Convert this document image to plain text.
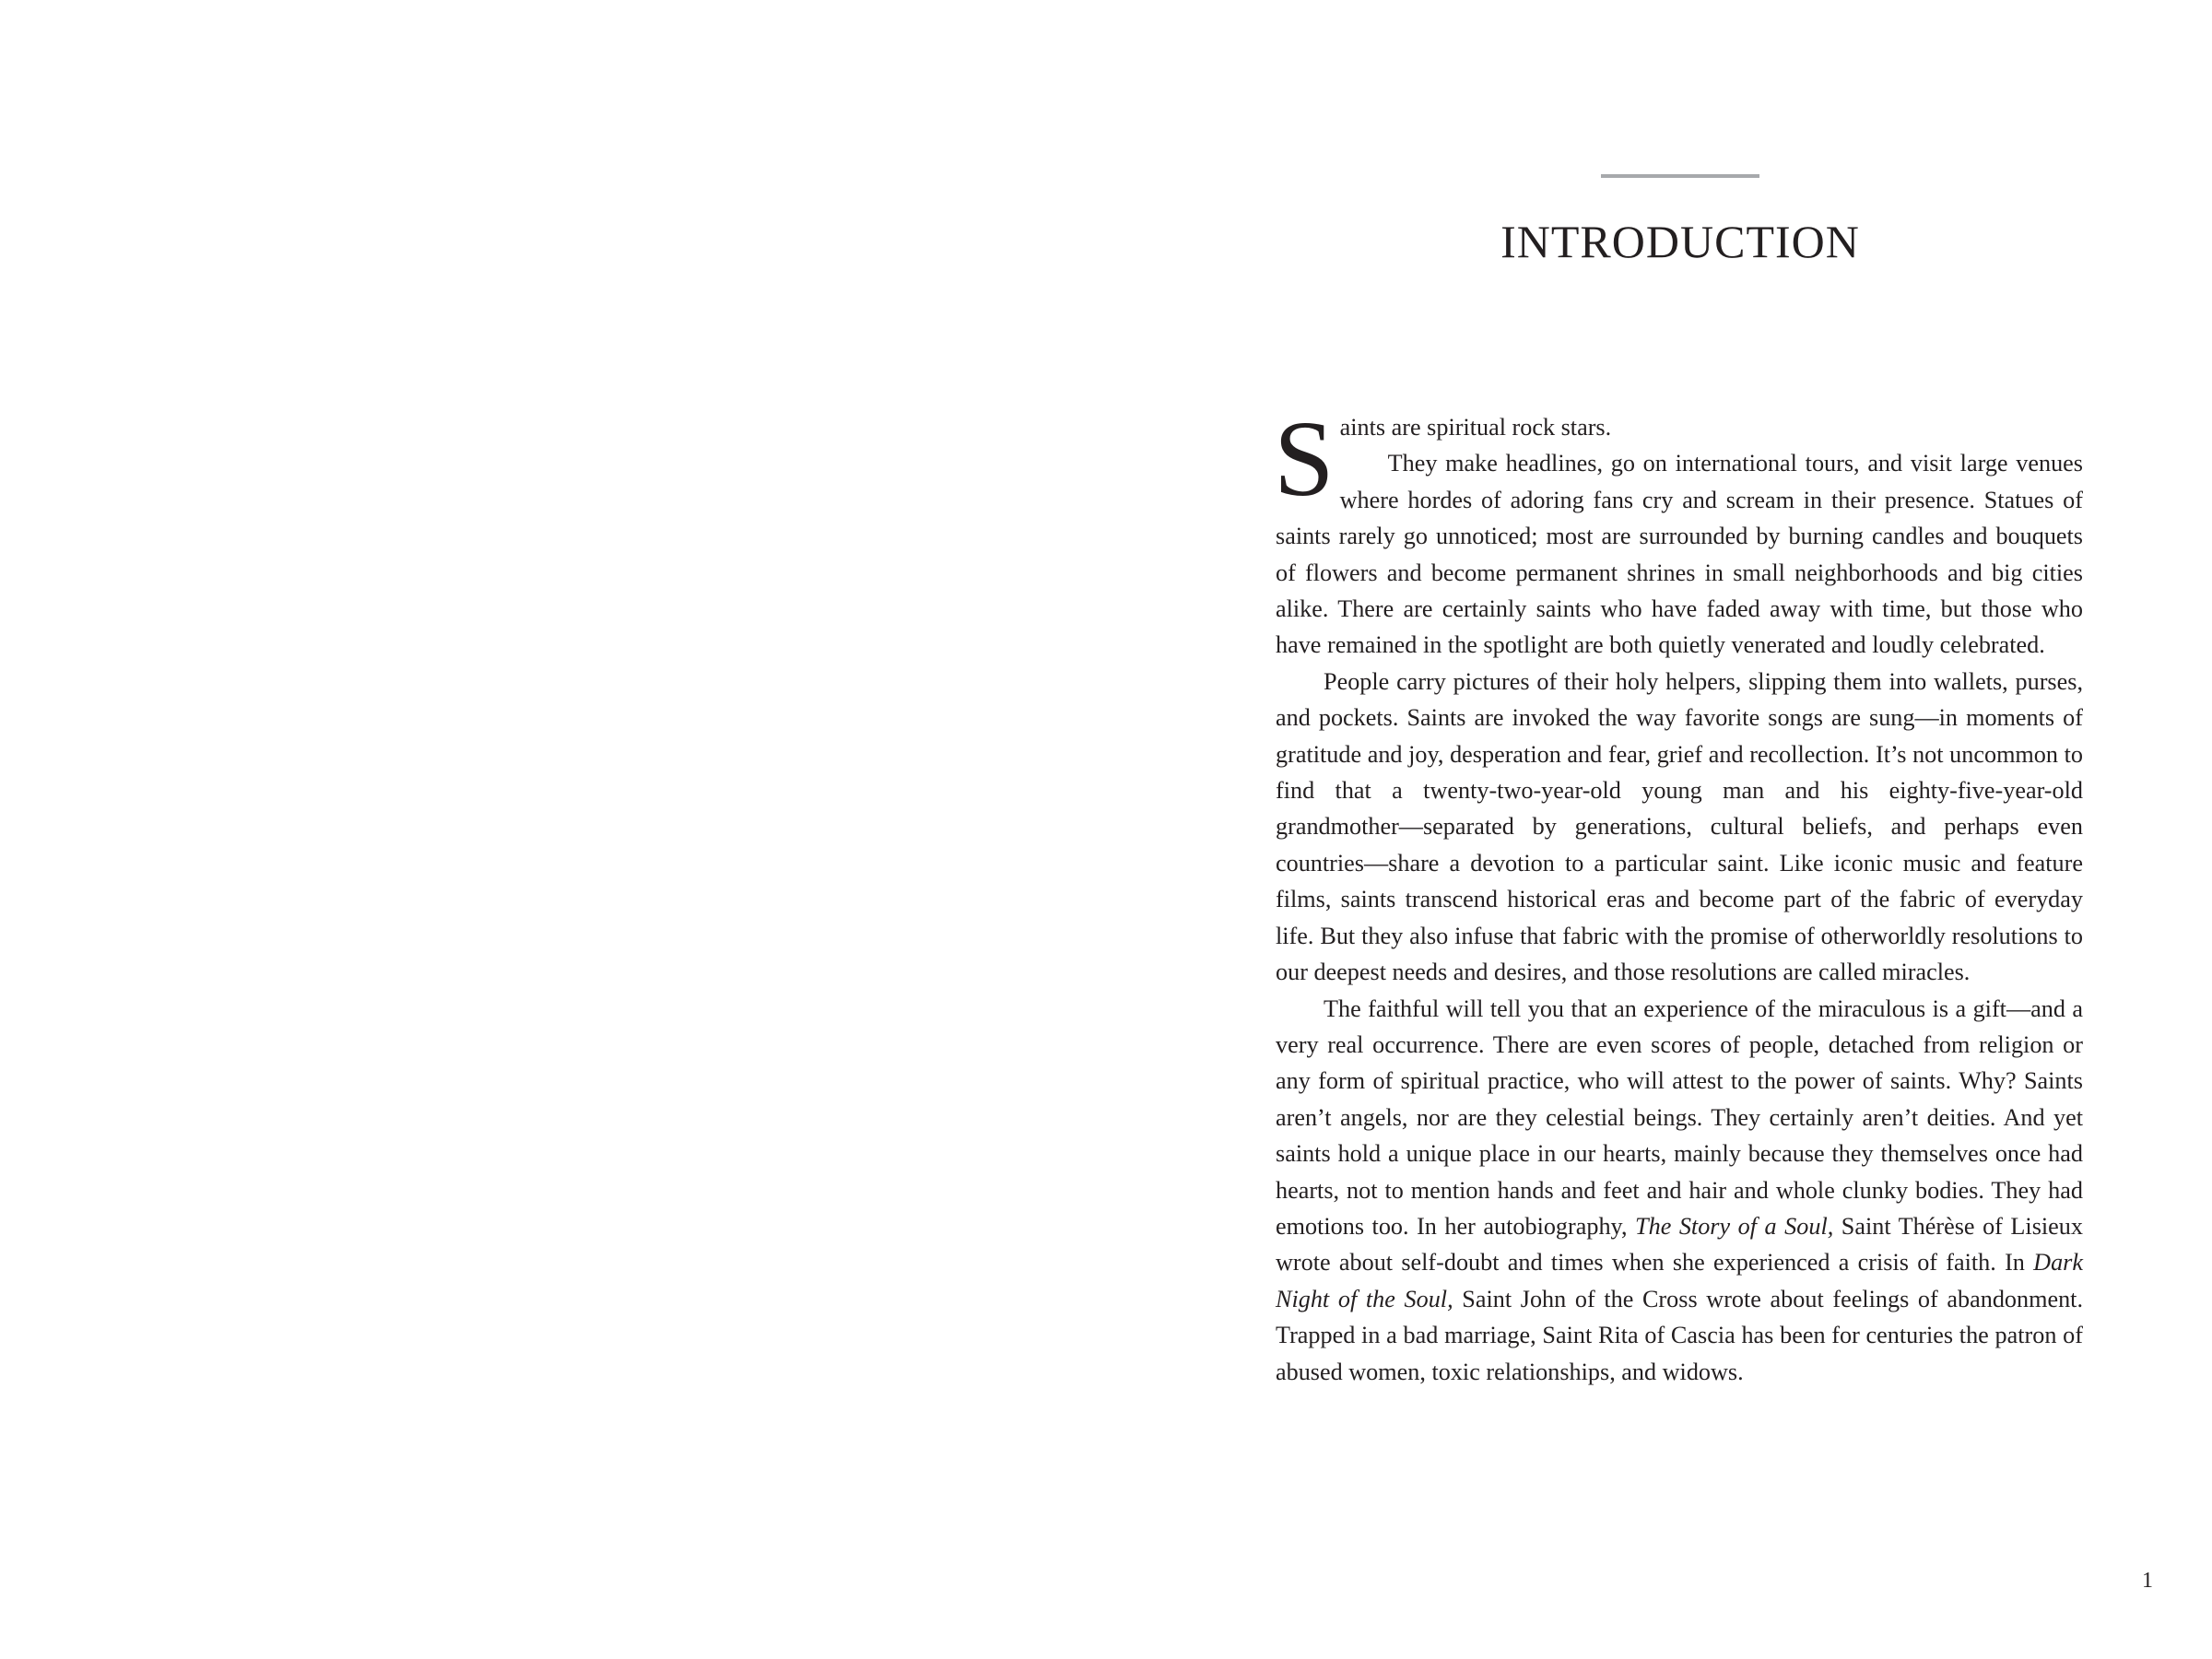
INTRODUCTION

Saints are spiritual rock stars.

They make headlines, go on international tours, and visit large venues where hordes of adoring fans cry and scream in their presence. Statues of saints rarely go unnoticed; most are surrounded by burning candles and bouquets of flowers and become permanent shrines in small neighborhoods and big cities alike. There are certainly saints who have faded away with time, but those who have remained in the spotlight are both quietly venerated and loudly celebrated.

People carry pictures of their holy helpers, slipping them into wallets, purses, and pockets. Saints are invoked the way favorite songs are sung—in moments of gratitude and joy, desperation and fear, grief and recollection. It’s not uncommon to find that a twenty-two-year-old young man and his eighty-five-year-old grandmother—separated by generations, cultural beliefs, and perhaps even countries—share a devotion to a particular saint. Like iconic music and feature films, saints transcend historical eras and become part of the fabric of everyday life. But they also infuse that fabric with the promise of otherworldly resolutions to our deepest needs and desires, and those resolutions are called miracles.

The faithful will tell you that an experience of the miraculous is a gift—and a very real occurrence. There are even scores of people, detached from religion or any form of spiritual practice, who will attest to the power of saints. Why? Saints aren’t angels, nor are they celestial beings. They certainly aren’t deities. And yet saints hold a unique place in our hearts, mainly because they themselves once had hearts, not to mention hands and feet and hair and whole clunky bodies. They had emotions too. In her autobiography, The Story of a Soul, Saint Thérèse of Lisieux wrote about self-doubt and times when she experienced a crisis of faith. In Dark Night of the Soul, Saint John of the Cross wrote about feelings of abandonment. Trapped in a bad marriage, Saint Rita of Cascia has been for centuries the patron of abused women, toxic relationships, and widows.

1
